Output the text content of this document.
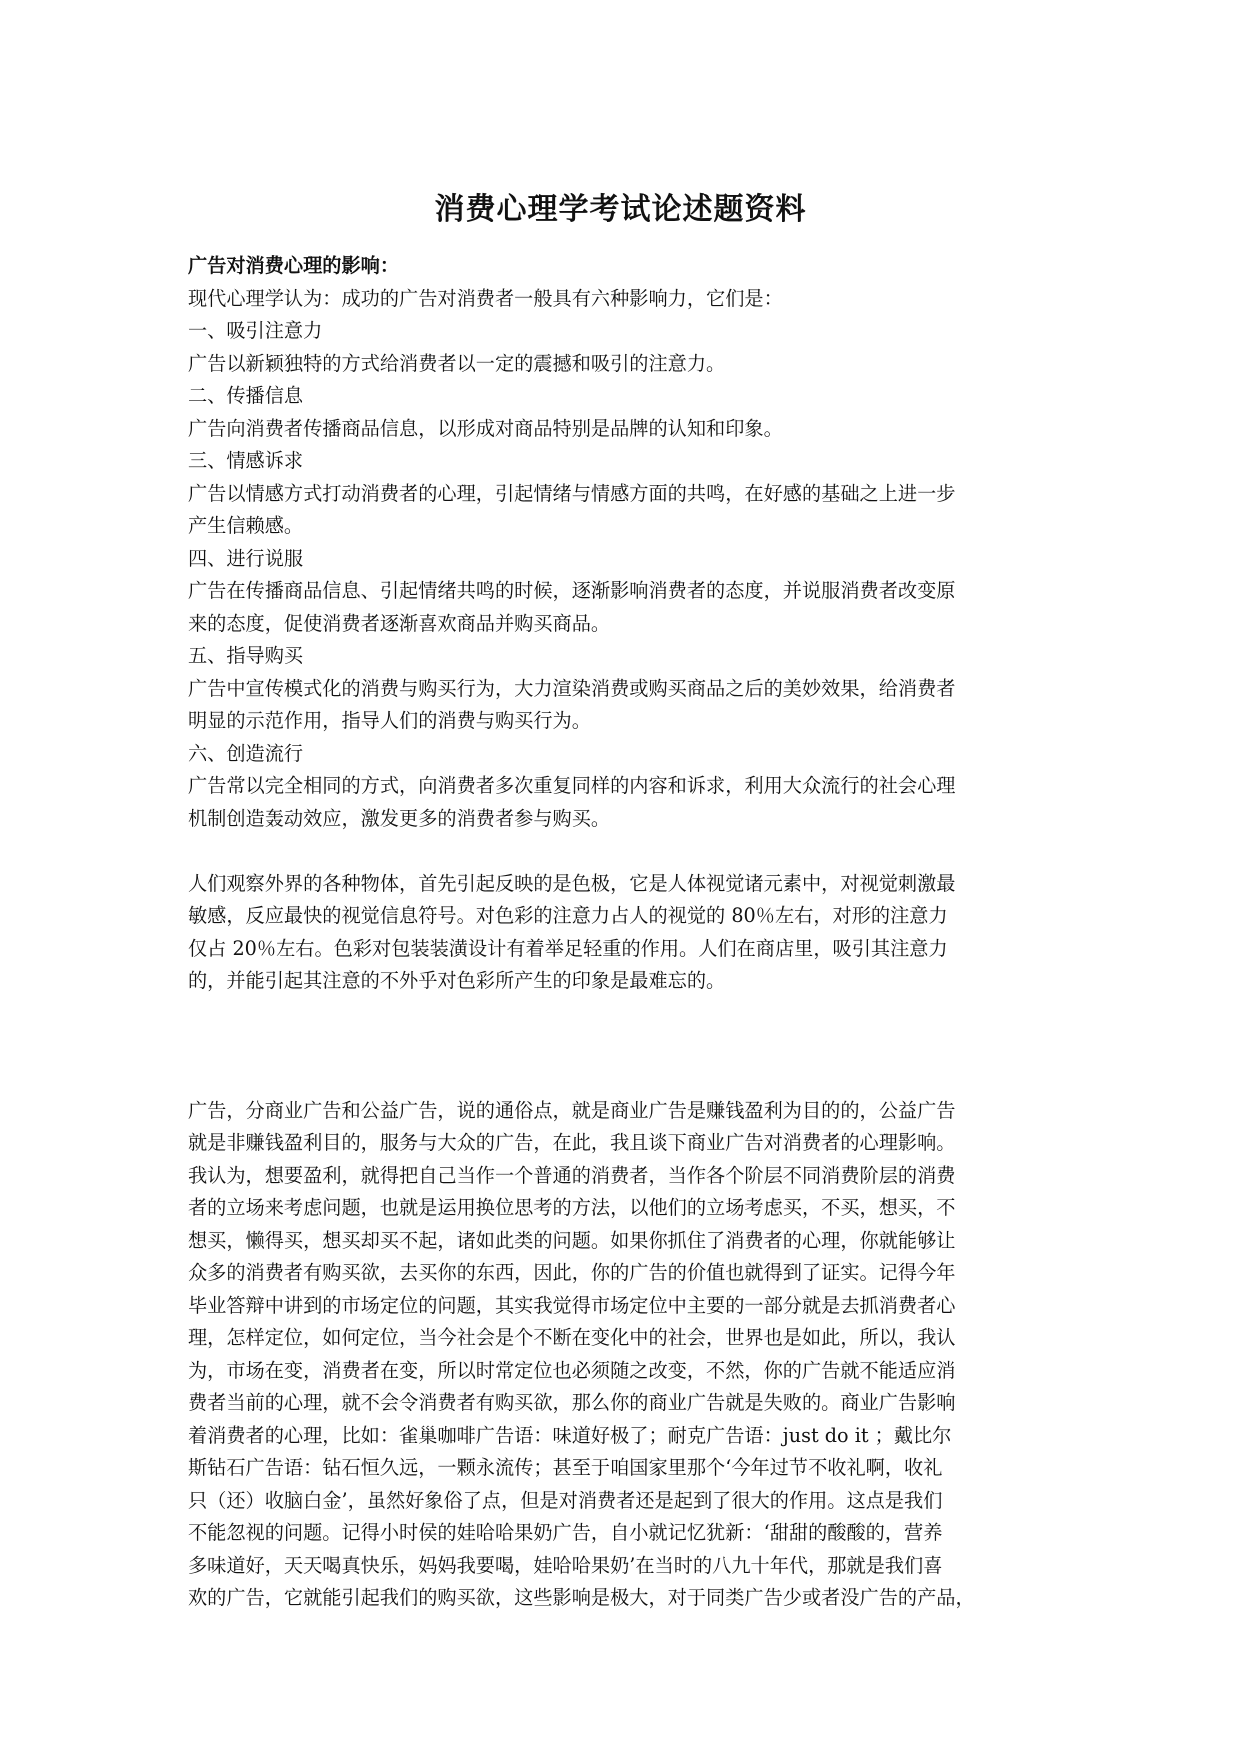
消费心理学考试论述题资料
广告对消费心理的影响：
现代心理学认为：成功的广告对消费者一般具有六种影响力，它们是：
一、吸引注意力
广告以新颖独特的方式给消费者以一定的震撼和吸引的注意力。
二、传播信息
广告向消费者传播商品信息，以形成对商品特别是品牌的认知和印象。
三、情感诉求
广告以情感方式打动消费者的心理，引起情绪与情感方面的共鸣，在好感的基础之上进一步
产生信赖感。
四、进行说服
广告在传播商品信息、引起情绪共鸣的时候，逐渐影响消费者的态度，并说服消费者改变原
来的态度，促使消费者逐渐喜欢商品并购买商品。
五、指导购买
广告中宣传模式化的消费与购买行为，大力渲染消费或购买商品之后的美妙效果，给消费者
明显的示范作用，指导人们的消费与购买行为。
六、创造流行
广告常以完全相同的方式，向消费者多次重复同样的内容和诉求，利用大众流行的社会心理
机制创造轰动效应，激发更多的消费者参与购买。
人们观察外界的各种物体，首先引起反映的是色极，它是人体视觉诸元素中，对视觉刺激最
敏感，反应最快的视觉信息符号。对色彩的注意力占人的视觉的 80％左右，对形的注意力
仅占 20％左右。色彩对包装装潢设计有着举足轻重的作用。人们在商店里，吸引其注意力
的，并能引起其注意的不外乎对色彩所产生的印象是最难忘的。
广告，分商业广告和公益广告，说的通俗点，就是商业广告是赚钱盈利为目的的，公益广告
就是非赚钱盈利目的，服务与大众的广告，在此，我且谈下商业广告对消费者的心理影响。
我认为，想要盈利，就得把自己当作一个普通的消费者，当作各个阶层不同消费阶层的消费
者的立场来考虑问题，也就是运用换位思考的方法，以他们的立场考虑买，不买，想买，不
想买，懒得买，想买却买不起，诸如此类的问题。如果你抓住了消费者的心理，你就能够让
众多的消费者有购买欲，去买你的东西，因此，你的广告的价值也就得到了证实。记得今年
毕业答辩中讲到的市场定位的问题，其实我觉得市场定位中主要的一部分就是去抓消费者心
理，怎样定位，如何定位，当今社会是个不断在变化中的社会，世界也是如此，所以，我认
为，市场在变，消费者在变，所以时常定位也必须随之改变，不然，你的广告就不能适应消
费者当前的心理，就不会令消费者有购买欲，那么你的商业广告就是失败的。商业广告影响
着消费者的心理，比如：雀巢咖啡广告语：味道好极了；耐克广告语：just do it ；戴比尔
斯钻石广告语：钻石恒久远，一颗永流传；甚至于咱国家里那个‘今年过节不收礼啊，收礼
只（还）收脑白金’，虽然好象俗了点，但是对消费者还是起到了很大的作用。这点是我们
不能忽视的问题。记得小时侯的娃哈哈果奶广告，自小就记忆犹新：‘甜甜的酸酸的，营养
多味道好，天天喝真快乐，妈妈我要喝，娃哈哈果奶’在当时的八九十年代，那就是我们喜
欢的广告，它就能引起我们的购买欲，这些影响是极大，对于同类广告少或者没广告的产品，
